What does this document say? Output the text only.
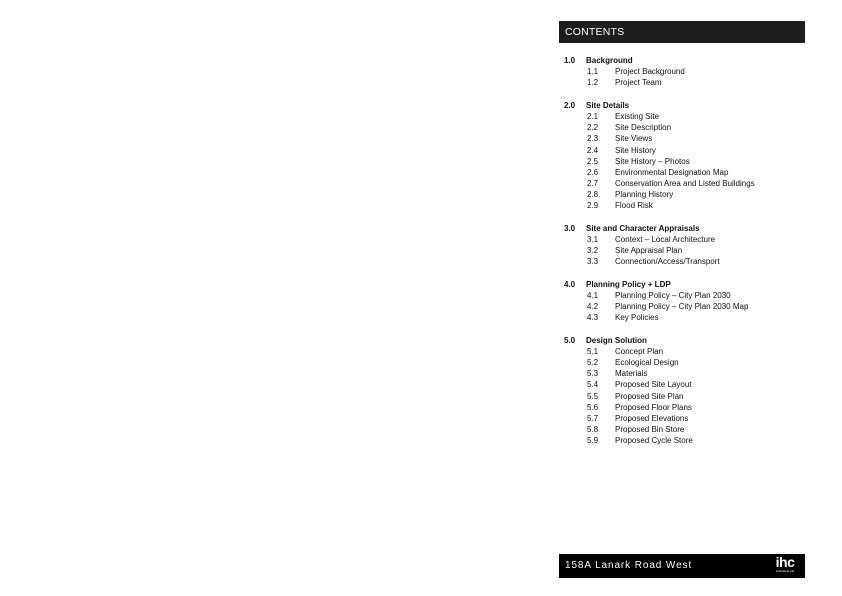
CONTENTS
1.0	Background
1.1	Project Background
1.2	Project Team
2.0	Site Details
2.1	Existing Site
2.2	Site Description
2.3	Site Views
2.4	Site History
2.5	Site History – Photos
2.6	Environmental Designation Map
2.7	Conservation Area and Listed Buildings
2.8	Planning History
2.9	Flood Risk
3.0	Site and Character Appraisals
3.1	Context – Local Architecture
3.2	Site Appraisal Plan
3.3	Connection/Access/Transport
4.0	Planning Policy + LDP
4.1	Planning Policy – City Plan 2030
4.2	Planning Policy – City Plan 2030 Map
4.3	Key Policies
5.0	Design Solution
5.1	Concept Plan
5.2	Ecological Design
5.3	Materials
5.4	Proposed Site Layout
5.5	Proposed Site Plan
5.6	Proposed Floor Plans
5.7	Proposed Elevations
5.8	Proposed Bin Store
5.9	Proposed Cycle Store
158A Lanark Road West	ihc
Architects Ltd
